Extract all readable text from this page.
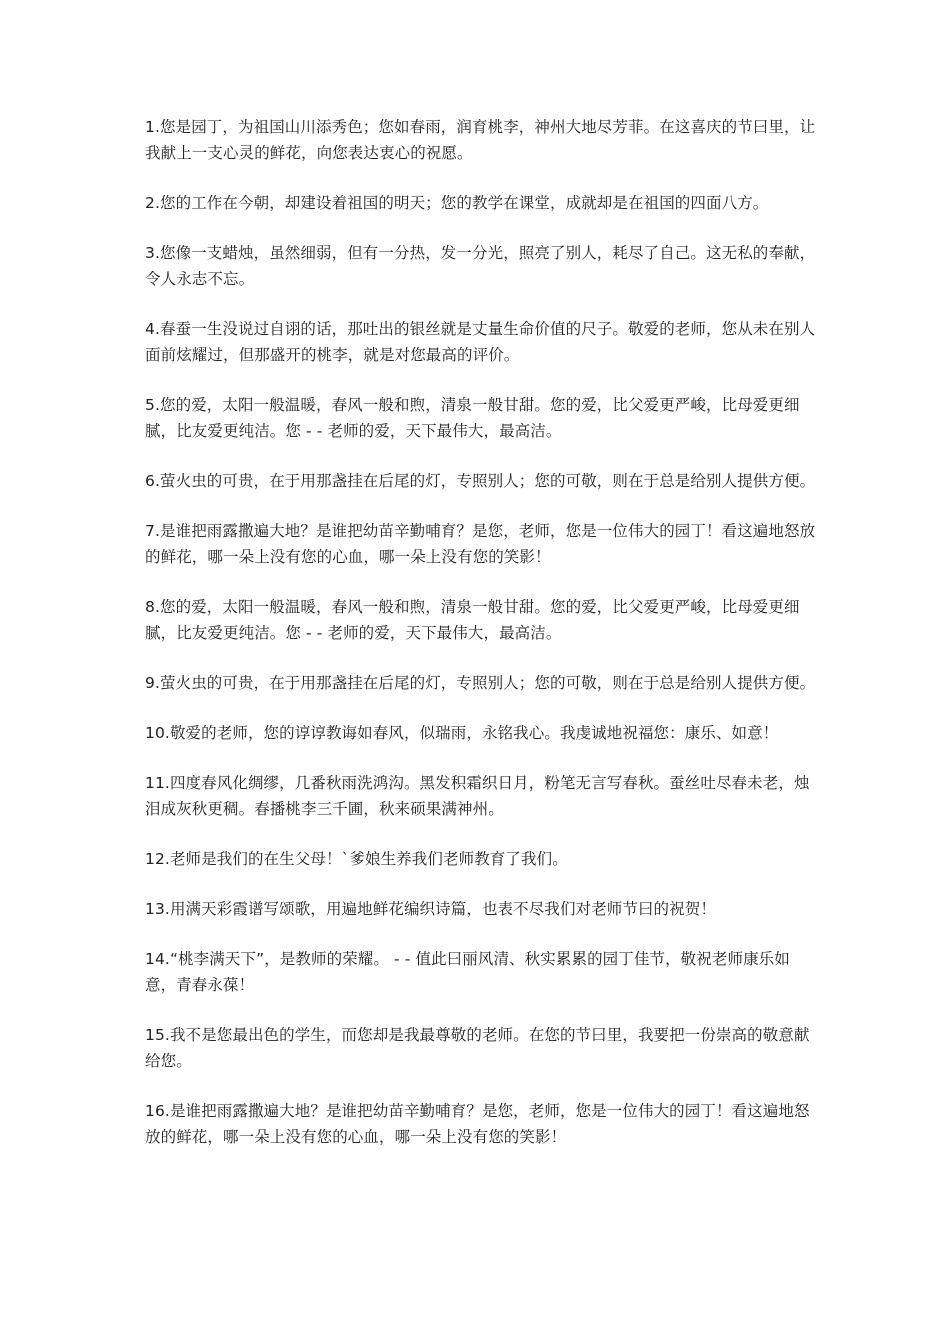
1.您是园丁，为祖国山川添秀色；您如春雨，润育桃李，神州大地尽芳菲。在这喜庆的节曰里，让我献上一支心灵的鲜花，向您表达衷心的祝愿。

2.您的工作在今朝，却建设着祖国的明天；您的教学在课堂，成就却是在祖国的四面八方。

3.您像一支蜡烛，虽然细弱，但有一分热，发一分光，照亮了别人，耗尽了自己。这无私的奉献，令人永志不忘。

4.春蚕一生没说过自诩的话，那吐出的银丝就是丈量生命价值的尺子。敬爱的老师，您从未在别人面前炫耀过，但那盛开的桃李，就是对您最高的评价。

5.您的爱，太阳一般温暖，春风一般和煦，清泉一般甘甜。您的爱，比父爱更严峻，比母爱更细腻，比友爱更纯洁。您 - - 老师的爱，天下最伟大，最高洁。

6.萤火虫的可贵，在于用那盏挂在后尾的灯，专照别人；您的可敬，则在于总是给别人提供方便。

7.是谁把雨露撒遍大地？是谁把幼苗辛勤哺育？是您，老师，您是一位伟大的园丁！看这遍地怒放的鲜花，哪一朵上没有您的心血，哪一朵上没有您的笑影！

8.您的爱，太阳一般温暖，春风一般和煦，清泉一般甘甜。您的爱，比父爱更严峻，比母爱更细腻，比友爱更纯洁。您 - - 老师的爱，天下最伟大，最高洁。

9.萤火虫的可贵，在于用那盏挂在后尾的灯，专照别人；您的可敬，则在于总是给别人提供方便。

10.敬爱的老师，您的谆谆教诲如春风，似瑞雨，永铭我心。我虔诚地祝福您：康乐、如意！

11.四度春风化绸缪，几番秋雨洗鸿沟。黑发积霜织日月，粉笔无言写春秋。蚕丝吐尽春未老，烛泪成灰秋更稠。春播桃李三千圃，秋来硕果满神州。

12.老师是我们的在生父母！`爹娘生养我们老师教育了我们。

13.用满天彩霞谱写颂歌，用遍地鲜花编织诗篇，也表不尽我们对老师节曰的祝贺！

14.“桃李满天下”，是教师的荣耀。 - - 值此曰丽风清、秋实累累的园丁佳节，敬祝老师康乐如意，青春永葆！

15.我不是您最出色的学生，而您却是我最尊敬的老师。在您的节曰里，我要把一份崇高的敬意献给您。

16.是谁把雨露撒遍大地？是谁把幼苗辛勤哺育？是您，老师，您是一位伟大的园丁！看这遍地怒放的鲜花，哪一朵上没有您的心血，哪一朵上没有您的笑影！
